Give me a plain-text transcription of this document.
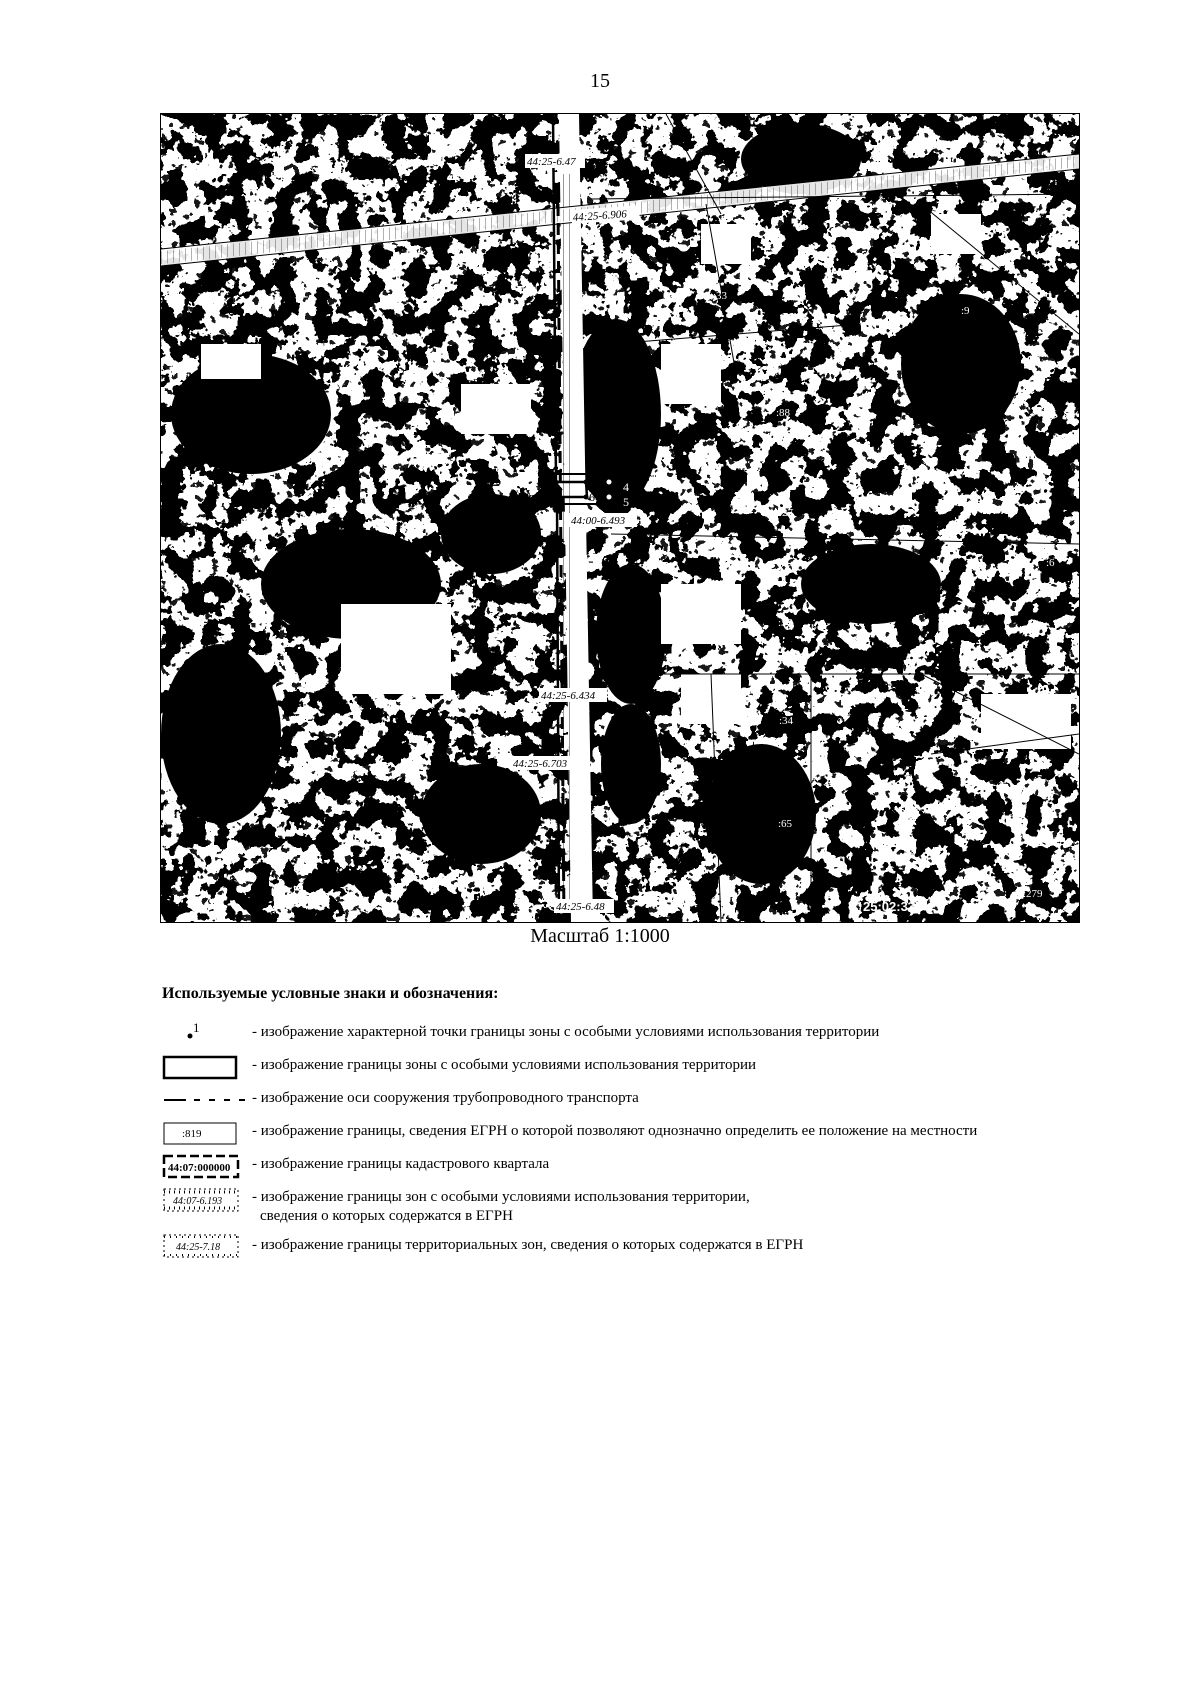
15
2
1
3
6
4
5
44:25-6.47
44:25-6.906
44:00-6.493
44:25-6.434
44:25-6.703
44:25-6.48
:33
:9
:88
:27
:6
:37
:13
:34
:5
:65
:279
25:02:337
Масштаб 1:1000
Используемые условные знаки и обозначения:
1	- изображение характерной точки границы зоны с особыми условиями использования территории
- изображение границы зоны с особыми условиями использования территории
- изображение оси сооружения трубопроводного транспорта
:819	- изображение границы, сведения ЕГРН о которой позволяют однозначно определить ее положение на местности
44:07:000000 - изображение границы кадастрового квартала
44:07-6.193 - изображение границы зон с особыми условиями использования территории,
сведения о которых содержатся в ЕГРН
44:25-7.18 - изображение границы территориальных зон, сведения о которых содержатся в ЕГРН
